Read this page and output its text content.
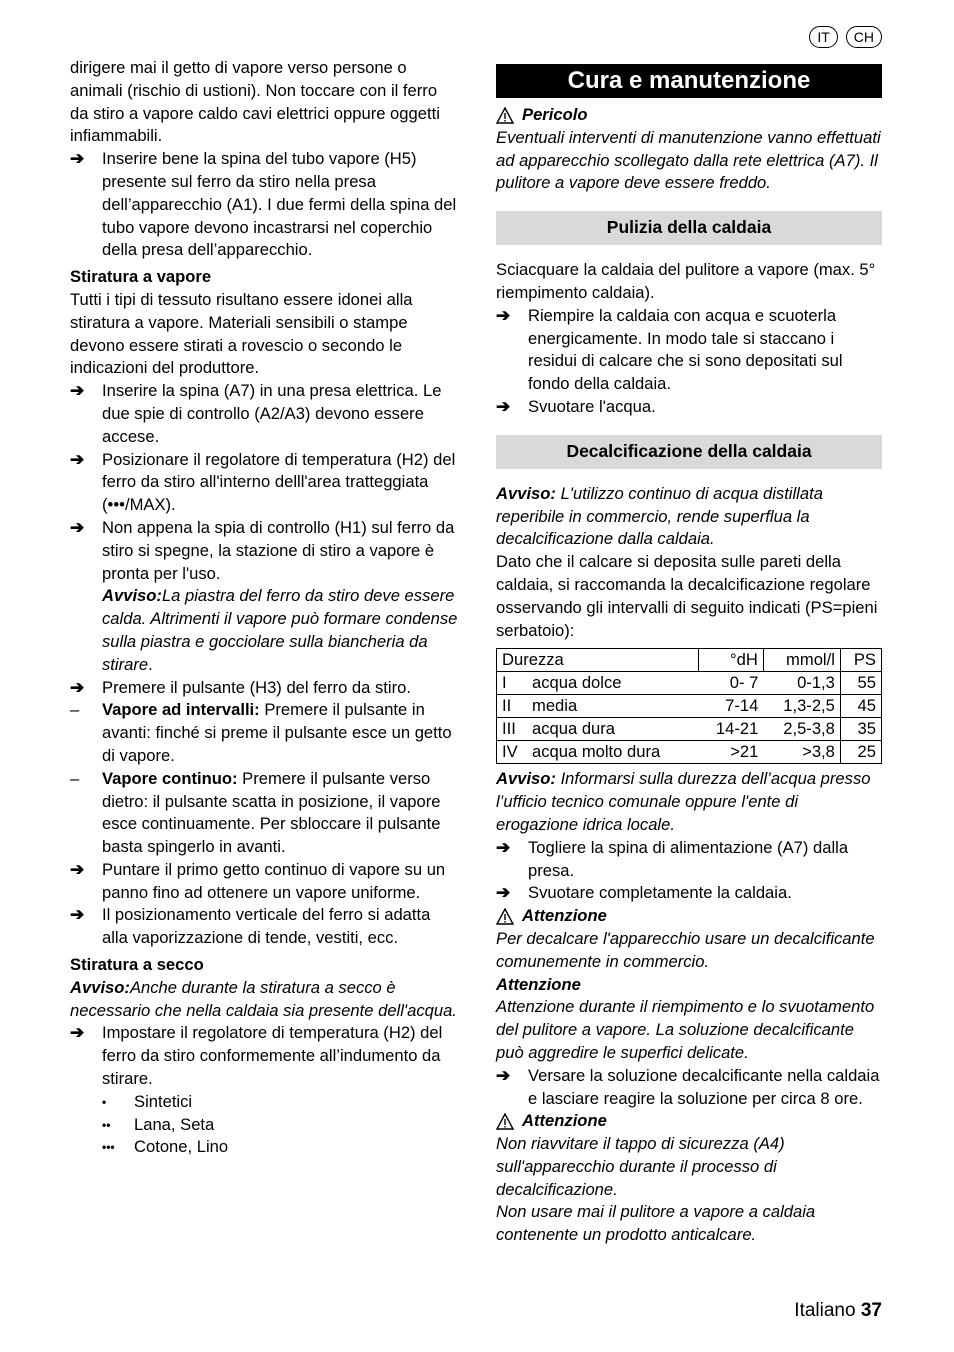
IT	CH

dirigere mai il getto di vapore verso persone o animali (rischio di ustioni). Non toccare con il ferro da stiro a vapore caldo cavi elettrici oppure oggetti infiammabili.

➔	Inserire bene la spina del tubo vapore (H5) presente sul ferro da stiro nella presa dell’apparecchio (A1). I due fermi della spina del tubo vapore devono incastrarsi nel coperchio della presa dell’apparecchio.

Stiratura a vapore

Tutti i tipi di tessuto risultano essere idonei alla stiratura a vapore. Materiali sensibili o stampe devono essere stirati a rovescio o secondo le indicazioni del produttore.

➔	Inserire la spina (A7) in una presa elettrica. Le due spie di controllo (A2/A3) devono essere accese.
➔	Posizionare il regolatore di temperatura (H2) del ferro da stiro all'interno delll'area tratteggiata (•••/MAX).
➔	Non appena la spia di controllo (H1) sul ferro da stiro si spegne, la stazione di stiro a vapore è pronta per l'uso.
Avviso:La piastra del ferro da stiro deve essere calda. Altrimenti il vapore può formare condense sulla piastra e gocciolare sulla biancheria da stirare.
➔	Premere il pulsante (H3) del ferro da stiro.
–	Vapore ad intervalli: Premere il pulsante in avanti: finché si preme il pulsante esce un getto di vapore.
–	Vapore continuo: Premere il pulsante verso dietro: il pulsante scatta in posizione, il vapore esce continuamente. Per sbloccare il pulsante basta spingerlo in avanti.
➔	Puntare il primo getto continuo di vapore su un panno fino ad ottenere un vapore uniforme.
➔	Il posizionamento verticale del ferro si adatta alla vaporizzazione di tende, vestiti, ecc.

Stiratura a secco

Avviso:Anche durante la stiratura a secco è necessario che nella caldaia sia presente dell'acqua.

➔	Impostare il regolatore di temperatura (H2) del ferro da stiro conformemente all’indumento da stirare.
•	Sintetici
••	Lana, Seta
•••	Cotone, Lino
Cura e manutenzione
Pericolo

Eventuali interventi di manutenzione vanno effettuati ad apparecchio scollegato dalla rete elettrica (A7). Il pulitore a vapore deve essere freddo.

Pulizia della caldaia

Sciacquare la caldaia del pulitore a vapore (max. 5° riempimento caldaia).

➔	Riempire la caldaia con acqua e scuoterla energicamente. In modo tale si staccano i residui di calcare che si sono depositati sul fondo della caldaia.
➔	Svuotare l'acqua.
Decalcificazione della caldaia

Avviso: L'utilizzo continuo di acqua distillata reperibile in commercio, rende superflua la decalcificazione dalla caldaia.

Dato che il calcare si deposita sulle pareti della caldaia, si raccomanda la decalcificazione regolare osservando gli intervalli di seguito indicati (PS=pieni serbatoio):

Durezza		°dH	mmol/l	PS
I	acqua dolce	0- 7	0-1,3	55
II	media	7-14	1,3-2,5	45
III	acqua dura	14-21	2,5-3,8	35
IV	acqua molto dura	>21	>3,8	25

Avviso: Informarsi sulla durezza dell’acqua presso l’ufficio tecnico comunale oppure l'ente di erogazione idrica locale.

➔	Togliere la spina di alimentazione (A7) dalla presa.
➔	Svuotare completamente la caldaia.
Attenzione

Per decalcare l'apparecchio usare un decalcificante comunemente in commercio.

Attenzione

Attenzione durante il riempimento e lo svuotamento del pulitore a vapore. La soluzione decalcificante può aggredire le superfici delicate.

➔	Versare la soluzione decalcificante nella caldaia e lasciare reagire la soluzione per circa 8 ore.
Attenzione

Non riavvitare il tappo di sicurezza (A4) sull'apparecchio durante il processo di decalcificazione.

Non usare mai il pulitore a vapore a caldaia contenente un prodotto anticalcare.

Italiano 37
